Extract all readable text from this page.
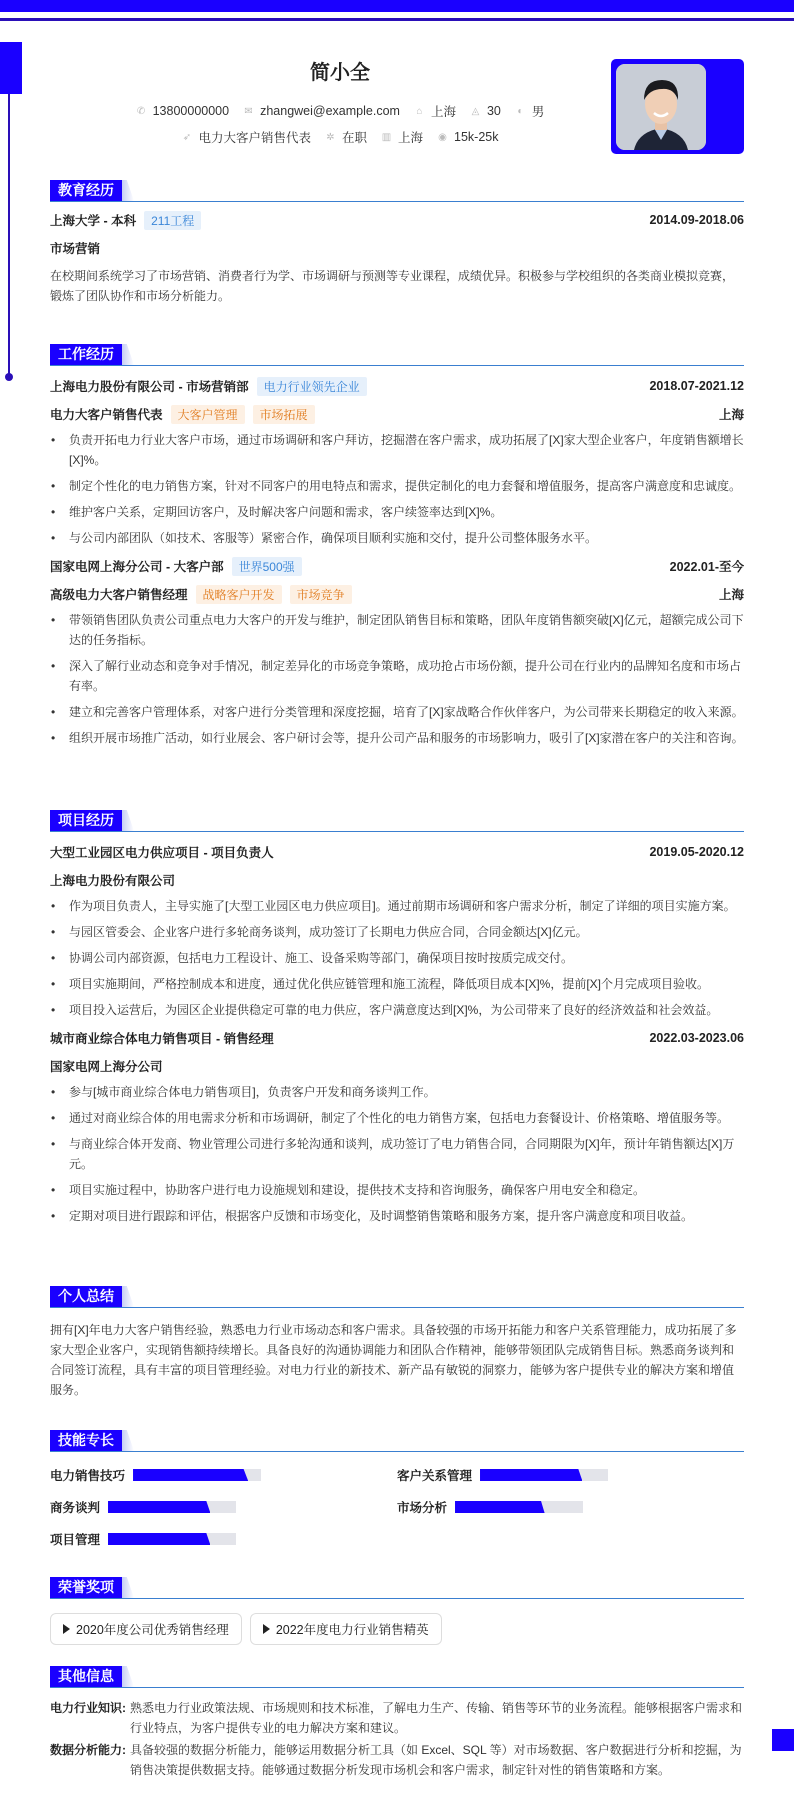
简小全
✆ 13800000000 ✉ zhangwei@example.com ⌂ 上海 ◬ 30 ◐ 男
➶ 电力大客户销售代表 ✲ 在职 ▥ 上海 ◉ 15k-25k
教育经历
上海大学 - 本科	211工程	2014.09-2018.06
市场营销
在校期间系统学习了市场营销、消费者行为学、市场调研与预测等专业课程，成绩优异。积极参与学校组织的各类商业模拟竞赛，锻炼了团队协作和市场分析能力。
工作经历
上海电力股份有限公司 - 市场营销部	电力行业领先企业	2018.07-2021.12
电力大客户销售代表	大客户管理	市场拓展	上海
• 负责开拓电力行业大客户市场，通过市场调研和客户拜访，挖掘潜在客户需求，成功拓展了[X]家大型企业客户，年度销售额增长[X]%。
• 制定个性化的电力销售方案，针对不同客户的用电特点和需求，提供定制化的电力套餐和增值服务，提高客户满意度和忠诚度。
• 维护客户关系，定期回访客户，及时解决客户问题和需求，客户续签率达到[X]%。
• 与公司内部团队（如技术、客服等）紧密合作，确保项目顺利实施和交付，提升公司整体服务水平。
国家电网上海分公司 - 大客户部	世界500强	2022.01-至今
高级电力大客户销售经理	战略客户开发	市场竞争	上海
• 带领销售团队负责公司重点电力大客户的开发与维护，制定团队销售目标和策略，团队年度销售额突破[X]亿元，超额完成公司下达的任务指标。
• 深入了解行业动态和竞争对手情况，制定差异化的市场竞争策略，成功抢占市场份额，提升公司在行业内的品牌知名度和市场占有率。
• 建立和完善客户管理体系，对客户进行分类管理和深度挖掘，培育了[X]家战略合作伙伴客户，为公司带来长期稳定的收入来源。
• 组织开展市场推广活动，如行业展会、客户研讨会等，提升公司产品和服务的市场影响力，吸引了[X]家潜在客户的关注和咨询。
项目经历
大型工业园区电力供应项目 - 项目负责人	2019.05-2020.12
上海电力股份有限公司
• 作为项目负责人，主导实施了[大型工业园区电力供应项目]。通过前期市场调研和客户需求分析，制定了详细的项目实施方案。
• 与园区管委会、企业客户进行多轮商务谈判，成功签订了长期电力供应合同，合同金额达[X]亿元。
• 协调公司内部资源，包括电力工程设计、施工、设备采购等部门，确保项目按时按质完成交付。
• 项目实施期间，严格控制成本和进度，通过优化供应链管理和施工流程，降低项目成本[X]%，提前[X]个月完成项目验收。
• 项目投入运营后，为园区企业提供稳定可靠的电力供应，客户满意度达到[X]%，为公司带来了良好的经济效益和社会效益。
城市商业综合体电力销售项目 - 销售经理	2022.03-2023.06
国家电网上海分公司
• 参与[城市商业综合体电力销售项目]，负责客户开发和商务谈判工作。
• 通过对商业综合体的用电需求分析和市场调研，制定了个性化的电力销售方案，包括电力套餐设计、价格策略、增值服务等。
• 与商业综合体开发商、物业管理公司进行多轮沟通和谈判，成功签订了电力销售合同，合同期限为[X]年，预计年销售额达[X]万元。
• 项目实施过程中，协助客户进行电力设施规划和建设，提供技术支持和咨询服务，确保客户用电安全和稳定。
• 定期对项目进行跟踪和评估，根据客户反馈和市场变化，及时调整销售策略和服务方案，提升客户满意度和项目收益。
个人总结
拥有[X]年电力大客户销售经验，熟悉电力行业市场动态和客户需求。具备较强的市场开拓能力和客户关系管理能力，成功拓展了多家大型企业客户，实现销售额持续增长。具备良好的沟通协调能力和团队合作精神，能够带领团队完成销售目标。熟悉商务谈判和合同签订流程，具有丰富的项目管理经验。对电力行业的新技术、新产品有敏锐的洞察力，能够为客户提供专业的解决方案和增值服务。
技能专长
电力销售技巧	客户关系管理
商务谈判	市场分析
项目管理
荣誉奖项
2020年度公司优秀销售经理	2022年度电力行业销售精英
其他信息
电力行业知识: 熟悉电力行业政策法规、市场规则和技术标准，了解电力生产、传输、销售等环节的业务流程。能够根据客户需求和行业特点，为客户提供专业的电力解决方案和建议。
数据分析能力: 具备较强的数据分析能力，能够运用数据分析工具（如 Excel、SQL 等）对市场数据、客户数据进行分析和挖掘，为销售决策提供数据支持。能够通过数据分析发现市场机会和客户需求，制定针对性的销售策略和方案。
